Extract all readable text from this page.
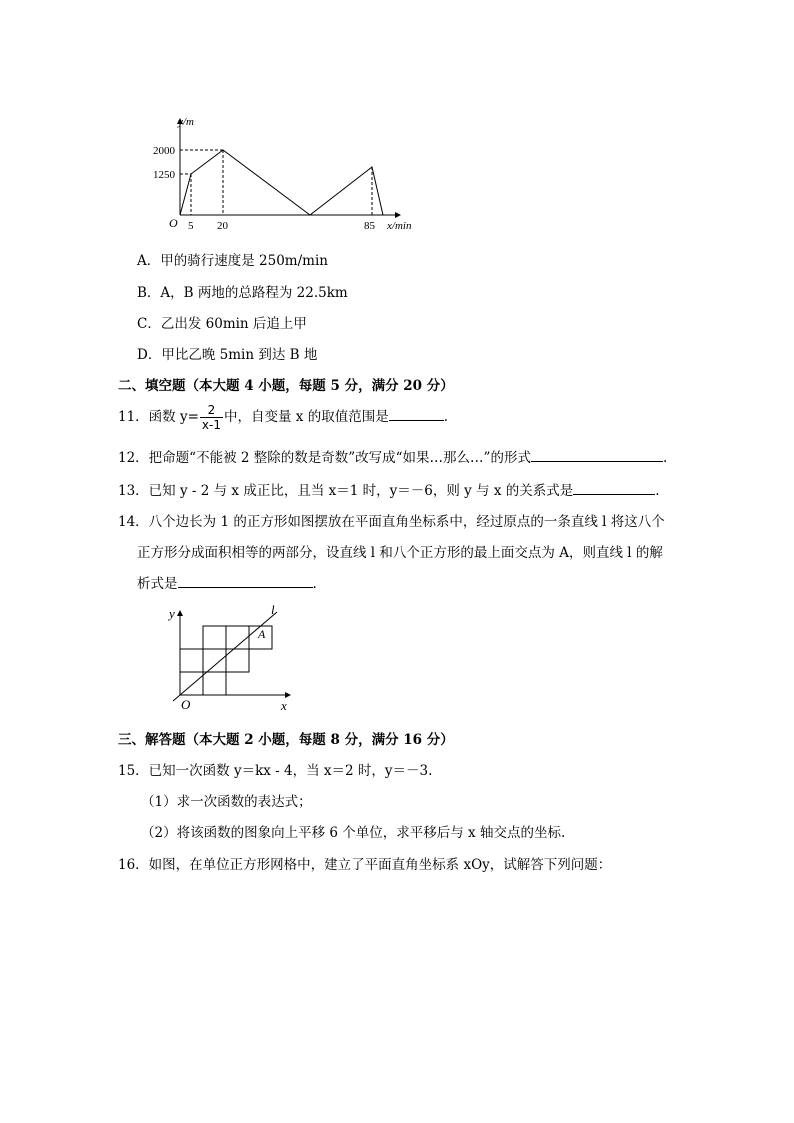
y/m
2000
1250
O 5 20	85 x/min
A．甲的骑行速度是 250m/min
B．A，B 两地的总路程为 22.5km
C．乙出发 60min 后追上甲
D．甲比乙晚 5min 到达 B 地
二、填空题（本大题 4 小题，每题 5 分，满分 20 分）
11．函数 $y= \frac{2}{x-1}$ 中，自变量 x 的取值范围是	.
12．把命题“不能被 2 整除的数是奇数”改写成“如果…那么…”的形式	.
13．已知 y - 2 与 x 成正比，且当 x＝1 时，y＝－6，则 y 与 x 的关系式是	.
14．八个边长为 1 的正方形如图摆放在平面直角坐标系中，经过原点的一条直线 l 将这八个
正方形分成面积相等的两部分，设直线 l 和八个正方形的最上面交点为 A，则直线 l 的解
析式是	.
y
x
O
l
A
三、解答题（本大题 2 小题，每题 8 分，满分 16 分）
15．已知一次函数 y＝kx - 4，当 x＝2 时，y＝－3.
（1）求一次函数的表达式；
（2）将该函数的图象向上平移 6 个单位，求平移后与 x 轴交点的坐标.
16．如图，在单位正方形网格中，建立了平面直角坐标系 xOy，试解答下列问题：
